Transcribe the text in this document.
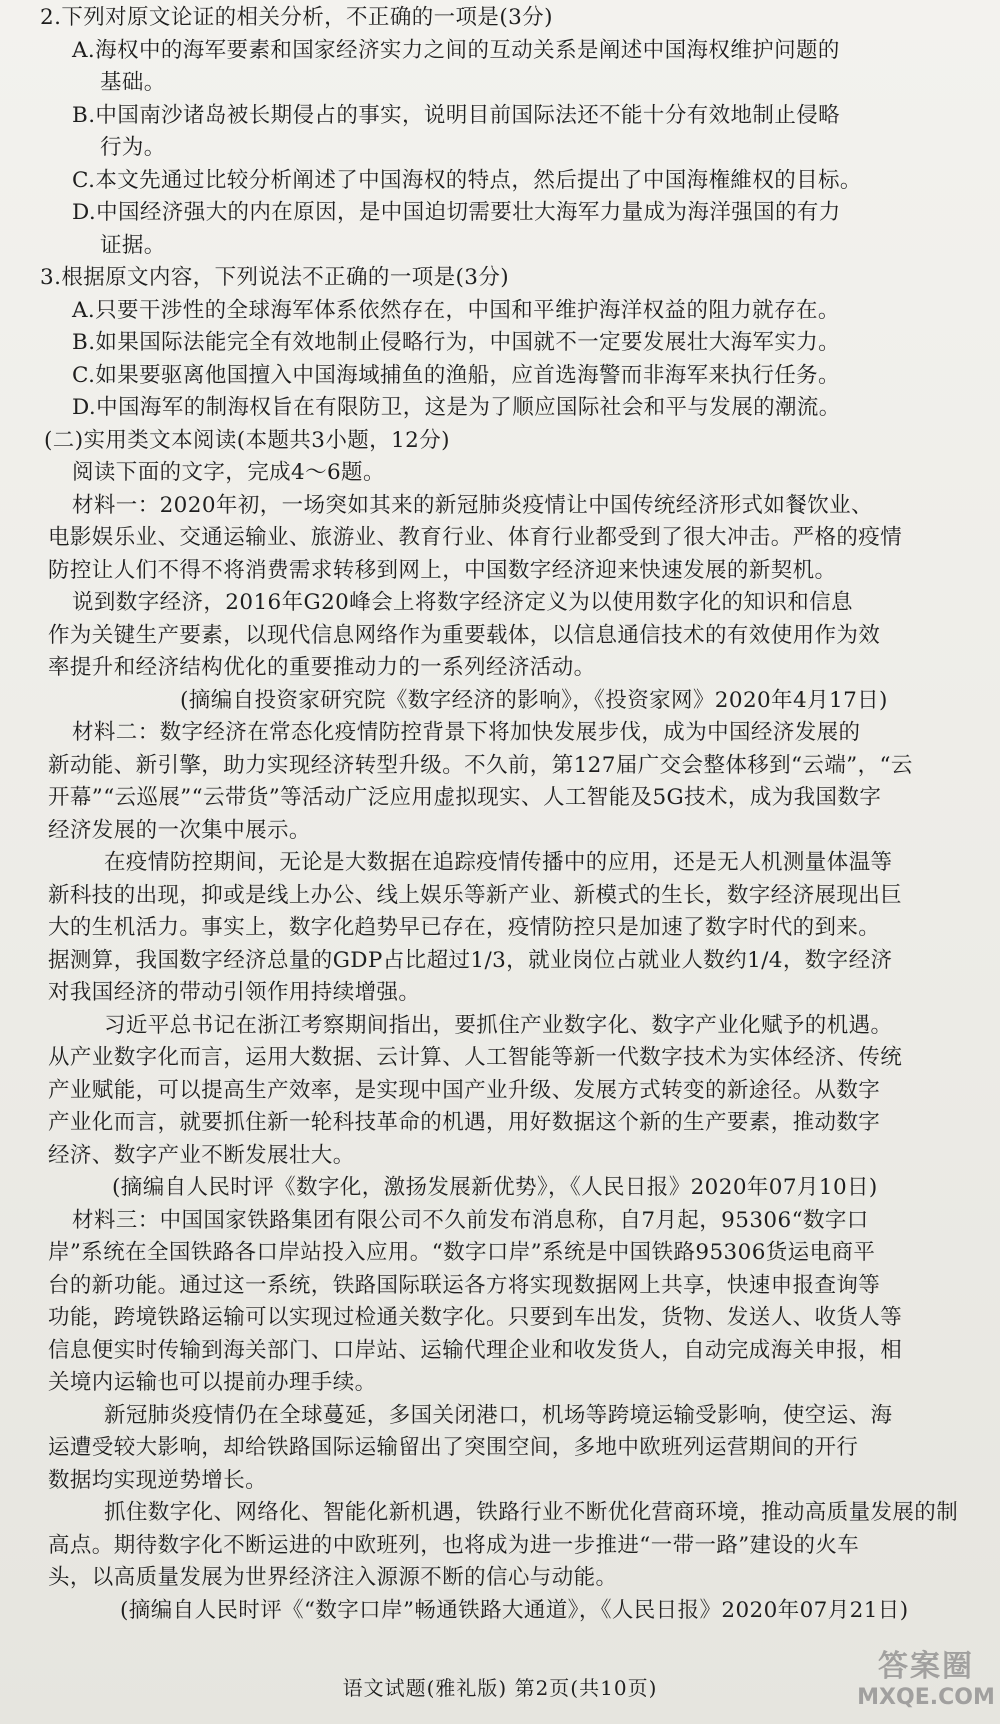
2.下列对原文论证的相关分析，不正确的一项是(3分)
A.海权中的海军要素和国家经济实力之间的互动关系是阐述中国海权维护问题的
基础。
B.中国南沙诸岛被长期侵占的事实，说明目前国际法还不能十分有效地制止侵略
行为。
C.本文先通过比较分析阐述了中国海权的特点，然后提出了中国海権維权的目标。
D.中国经济强大的内在原因，是中国迫切需要壮大海军力量成为海洋强国的有力
证据。
3.根据原文内容，下列说法不正确的一项是(3分)
A.只要干涉性的全球海军体系依然存在，中国和平维护海洋权益的阻力就存在。
B.如果国际法能完全有效地制止侵略行为，中国就不一定要发展壮大海军实力。
C.如果要驱离他国擅入中国海域捕鱼的渔船，应首选海警而非海军来执行任务。
D.中国海军的制海权旨在有限防卫，这是为了顺应国际社会和平与发展的潮流。
(二)实用类文本阅读(本题共3小题，12分)
阅读下面的文字，完成4～6题。
材料一：2020年初，一场突如其来的新冠肺炎疫情让中国传统经济形式如餐饮业、
电影娱乐业、交通运输业、旅游业、教育行业、体育行业都受到了很大冲击。严格的疫情
防控让人们不得不将消费需求转移到网上，中国数字经济迎来快速发展的新契机。
说到数字经济，2016年G20峰会上将数字经济定义为以使用数字化的知识和信息
作为关键生产要素，以现代信息网络作为重要载体，以信息通信技术的有效使用作为效
率提升和经济结构优化的重要推动力的一系列经济活动。
(摘编自投资家研究院《数字经济的影响》，《投资家网》2020年4月17日)
材料二：数字经济在常态化疫情防控背景下将加快发展步伐，成为中国经济发展的
新动能、新引擎，助力实现经济转型升级。不久前，第127届广交会整体移到“云端”，“云
开幕”“云巡展”“云带货”等活动广泛应用虚拟现实、人工智能及5G技术，成为我国数字
经济发展的一次集中展示。
在疫情防控期间，无论是大数据在追踪疫情传播中的应用，还是无人机测量体温等
新科技的出现，抑或是线上办公、线上娱乐等新产业、新模式的生长，数字经济展现出巨
大的生机活力。事实上，数字化趋势早已存在，疫情防控只是加速了数字时代的到来。
据测算，我国数字经济总量的GDP占比超过1/3，就业岗位占就业人数约1/4，数字经济
对我国经济的带动引领作用持续增强。
习近平总书记在浙江考察期间指出，要抓住产业数字化、数字产业化赋予的机遇。
从产业数字化而言，运用大数据、云计算、人工智能等新一代数字技术为实体经济、传统
产业赋能，可以提高生产效率，是实现中国产业升级、发展方式转变的新途径。从数字
产业化而言，就要抓住新一轮科技革命的机遇，用好数据这个新的生产要素，推动数字
经济、数字产业不断发展壮大。
(摘编自人民时评《数字化，激扬发展新优势》，《人民日报》2020年07月10日)
材料三：中国国家铁路集团有限公司不久前发布消息称，自7月起，95306“数字口
岸”系统在全国铁路各口岸站投入应用。“数字口岸”系统是中国铁路95306货运电商平
台的新功能。通过这一系统，铁路国际联运各方将实现数据网上共享，快速申报查询等
功能，跨境铁路运输可以实现过检通关数字化。只要到车出发，货物、发送人、收货人等
信息便实时传输到海关部门、口岸站、运输代理企业和收发货人，自动完成海关申报，相
关境内运输也可以提前办理手续。
新冠肺炎疫情仍在全球蔓延，多国关闭港口，机场等跨境运输受影响，使空运、海
运遭受较大影响，却给铁路国际运输留出了突围空间，多地中欧班列运营期间的开行
数据均实现逆势增长。
抓住数字化、网络化、智能化新机遇，铁路行业不断优化营商环境，推动高质量发展的制
高点。期待数字化不断运进的中欧班列，也将成为进一步推进“一带一路”建设的火车
头，以高质量发展为世界经济注入源源不断的信心与动能。
(摘编自人民时评《“数字口岸”畅通铁路大通道》，《人民日报》2020年07月21日)
语文试题(雅礼版) 第2页(共10页)
答案圈
MXQE.COM
